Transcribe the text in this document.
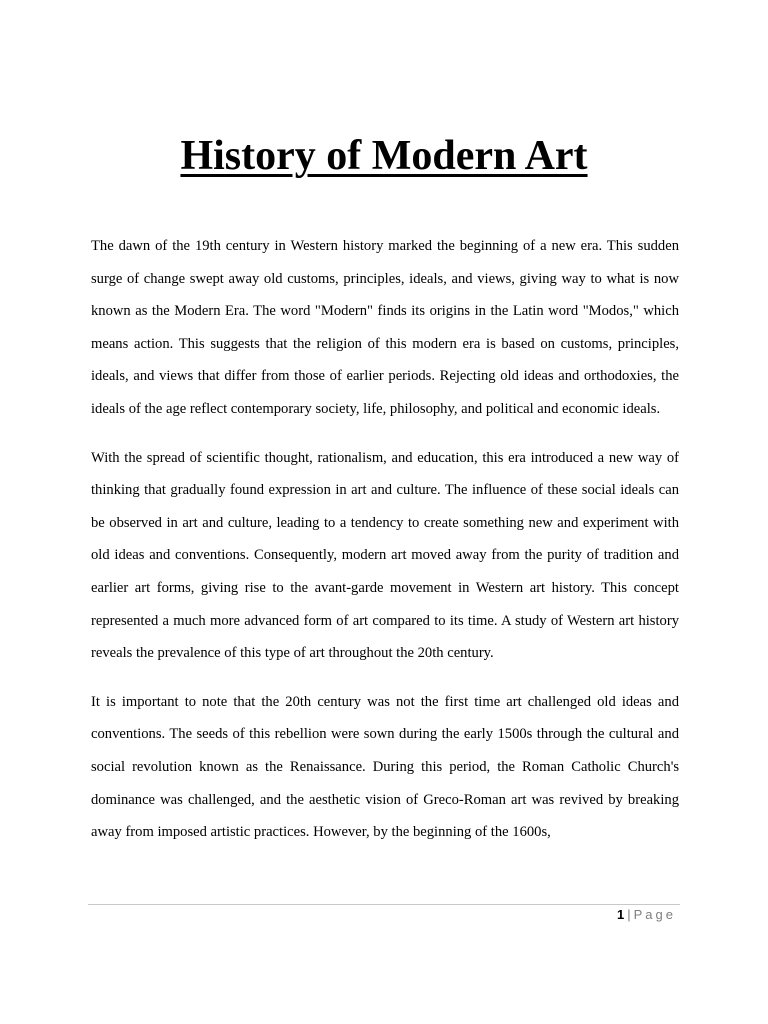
History of Modern Art

The dawn of the 19th century in Western history marked the beginning of a new era. This sudden surge of change swept away old customs, principles, ideals, and views, giving way to what is now known as the Modern Era. The word "Modern" finds its origins in the Latin word "Modos," which means action. This suggests that the religion of this modern era is based on customs, principles, ideals, and views that differ from those of earlier periods. Rejecting old ideas and orthodoxies, the ideals of the age reflect contemporary society, life, philosophy, and political and economic ideals.

With the spread of scientific thought, rationalism, and education, this era introduced a new way of thinking that gradually found expression in art and culture. The influence of these social ideals can be observed in art and culture, leading to a tendency to create something new and experiment with old ideas and conventions. Consequently, modern art moved away from the purity of tradition and earlier art forms, giving rise to the avant-garde movement in Western art history. This concept represented a much more advanced form of art compared to its time. A study of Western art history reveals the prevalence of this type of art throughout the 20th century.

It is important to note that the 20th century was not the first time art challenged old ideas and conventions. The seeds of this rebellion were sown during the early 1500s through the cultural and social revolution known as the Renaissance. During this period, the Roman Catholic Church's dominance was challenged, and the aesthetic vision of Greco-Roman art was revived by breaking away from imposed artistic practices. However, by the beginning of the 1600s,

1 | Page
